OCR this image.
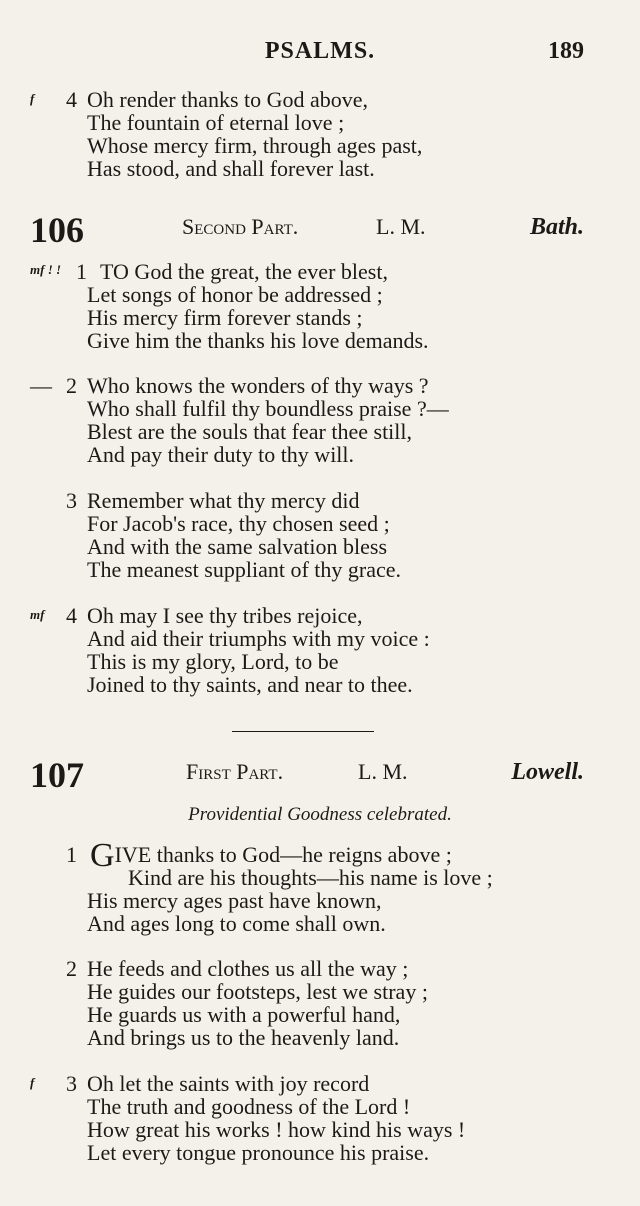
PSALMS.	189
f 4 Oh render thanks to God above,
The fountain of eternal love ;
Whose mercy firm, through ages past,
Has stood, and shall forever last.
106	Second Part.	L. M.	Bath.
mf ! ! 1 TO God the great, the ever blest,
Let songs of honor be addressed ;
His mercy firm forever stands ;
Give him the thanks his love demands.
— 2 Who knows the wonders of thy ways ?
Who shall fulfil thy boundless praise ?—
Blest are the souls that fear thee still,
And pay their duty to thy will.
3 Remember what thy mercy did
For Jacob's race, thy chosen seed ;
And with the same salvation bless
The meanest suppliant of thy grace.
mf 4 Oh may I see thy tribes rejoice,
And aid their triumphs with my voice :
This is my glory, Lord, to be
Joined to thy saints, and near to thee.
107	First Part.	L. M.	Lowell.
Providential Goodness celebrated.
1 GIVE thanks to God—he reigns above ;
Kind are his thoughts—his name is love ;
His mercy ages past have known,
And ages long to come shall own.
2 He feeds and clothes us all the way ;
He guides our footsteps, lest we stray ;
He guards us with a powerful hand,
And brings us to the heavenly land.
f 3 Oh let the saints with joy record
The truth and goodness of the Lord !
How great his works ! how kind his ways !
Let every tongue pronounce his praise.
